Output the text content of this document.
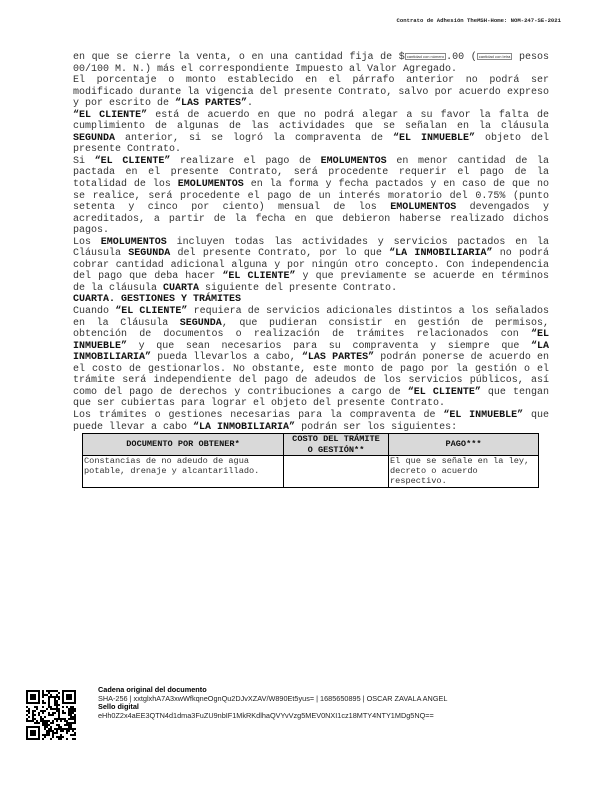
Contrato de Adhesión TheMSH-Home: NOM-247-SE-2021

en que se cierre la venta, o en una cantidad fija de $ cantidad con número .00 ( cantidad con letra pesos 00/100 M. N.) más el correspondiente Impuesto al Valor Agregado.

El porcentaje o monto establecido en el párrafo anterior no podrá ser modificado durante la vigencia del presente Contrato, salvo por acuerdo expreso y por escrito de “LAS PARTES”.

“EL CLIENTE” está de acuerdo en que no podrá alegar a su favor la falta de cumplimiento de algunas de las actividades que se señalan en la cláusula SEGUNDA anterior, si se logró la compraventa de “EL INMUEBLE” objeto del presente Contrato.

Si “EL CLIENTE” realizare el pago de EMOLUMENTOS en menor cantidad de la pactada en el presente Contrato, será procedente requerir el pago de la totalidad de los EMOLUMENTOS en la forma y fecha pactados y en caso de que no se realice, será procedente el pago de un interés moratorio del 0.75% (punto setenta y cinco por ciento) mensual de los EMOLUMENTOS devengados y acreditados, a partir de la fecha en que debieron haberse realizado dichos pagos.

Los EMOLUMENTOS incluyen todas las actividades y servicios pactados en la Cláusula SEGUNDA del presente Contrato, por lo que “LA INMOBILIARIA” no podrá cobrar cantidad adicional alguna y por ningún otro concepto. Con independencia del pago que deba hacer “EL CLIENTE” y que previamente se acuerde en términos de la cláusula CUARTA siguiente del presente Contrato.

CUARTA. GESTIONES Y TRÁMITES

Cuando “EL CLIENTE” requiera de servicios adicionales distintos a los señalados en la Cláusula SEGUNDA, que pudieran consistir en gestión de permisos, obtención de documentos o realización de trámites relacionados con “EL INMUEBLE” y que sean necesarios para su compraventa y siempre que “LA INMOBILIARIA” pueda llevarlos a cabo, “LAS PARTES” podrán ponerse de acuerdo en el costo de gestionarlos. No obstante, este monto de pago por la gestión o el trámite será independiente del pago de adeudos de los servicios públicos, así como del pago de derechos y contribuciones a cargo de “EL CLIENTE” que tengan que ser cubiertas para lograr el objeto del presente Contrato.

Los trámites o gestiones necesarias para la compraventa de “EL INMUEBLE” que puede llevar a cabo “LA INMOBILIARIA” podrán ser los siguientes:

DOCUMENTO POR OBTENER*	COSTO DEL TRÁMITE O GESTIÓN**	PAGO***
Constancias de no adeudo de agua potable, drenaje y alcantarillado.		El que se señale en la ley, decreto o acuerdo respectivo.
Cadena original del documento
SHA-256 | xxtglxhA7A3xwWfkqneOgnQu2DJvXZAV/W890Et5yus= | 1685650895 | OSCAR ZAVALA ANGEL
Sello digital
eHh0Z2x4aEE3QTN4d1dma3FuZU9nbIF1MkRKdlhaQVYvVzg5MEV0NXI1cz18MTY4NTY1MDg5NQ==
